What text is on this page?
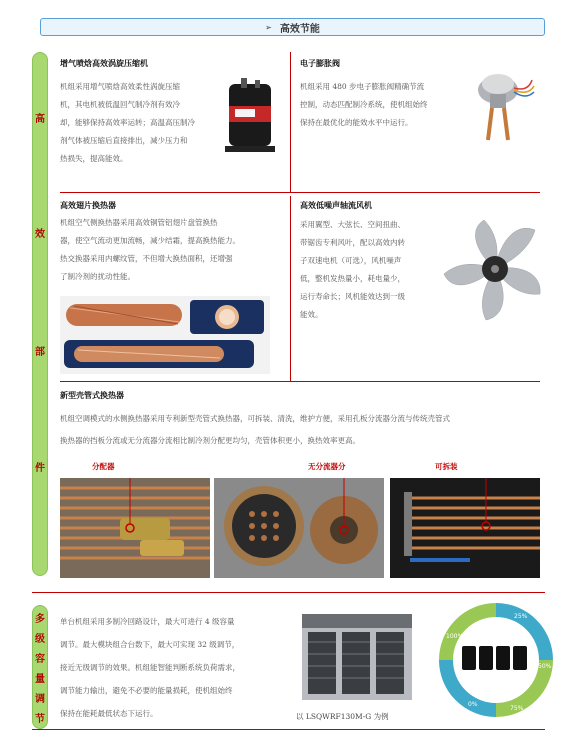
➢ 高效节能
高
效
部
件
多
级
容
量
调
节
增气喷焓高效涡旋压缩机
机组采用增气喷焓高效柔性涡旋压缩
机，其电机被低温回气制冷剂有效冷
却，能够保持高效率运转；高温高压制冷
剂气体被压缩后直接排出，减少压力和
热损失，提高能效。
电子膨胀阀
机组采用 480 步电子膨胀阀精确节流
控制，动态匹配制冷系统，使机组始终
保持在最优化的能效水平中运行。
高效翅片换热器
机组空气侧换热器采用高效铜管铝翅片盘管换热
器，使空气流动更加流畅，减少结霜，提高换热能力。
热交换器采用内螺纹管，不但增大换热面积，还增强
了制冷剂的扰动性能。
高效低噪声轴流风机
采用翼型、大弦长、空间扭曲、
带锯齿专利风叶，配以高效内转
子双速电机（可选），风机噪声
低，整机发热量小，耗电量少，
运行寿命长；风机能效达到一级
能效。
新型壳管式换热器
机组空调模式的水侧换热器采用专利新型壳管式换热器，可拆装、清洗，维护方便，采用孔板分流器分流与传统壳管式
换热器的挡板分流或无分流器分流相比制冷剂分配更均匀，壳管体积更小，换热效率更高。
分配器	无分流器分	可拆装
单台机组采用多制冷回路设计，最大可进行 4 级容量
调节。最大模块组合台数下，最大可实现 32 级调节，
接近无级调节的效果。机组能智能判断系统负荷需求，
调节能力输出，避免不必要的能量损耗，使机组始终
保持在能耗最低状态下运行。	以 LSQWRF130M-G 为例
25%
50%
75%
100%
0%
